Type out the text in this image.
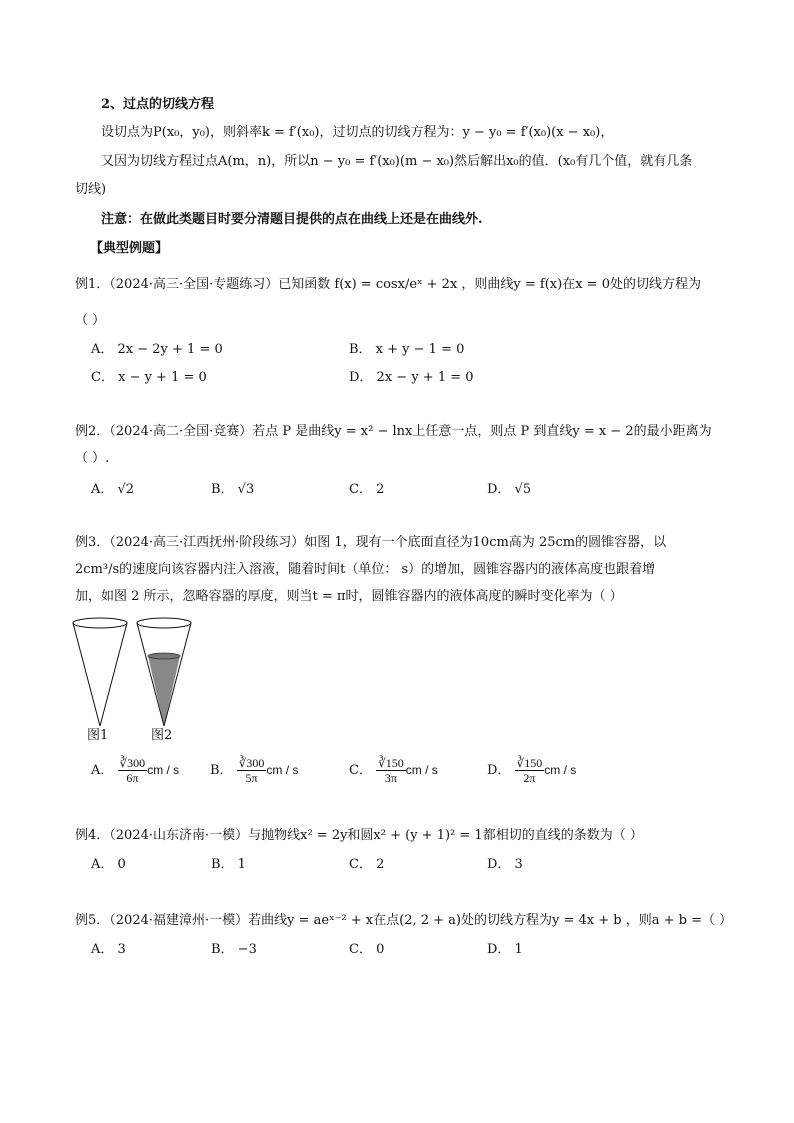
2、过点的切线方程
设切点为P(x₀，y₀)，则斜率k = f′(x₀)，过切点的切线方程为：y − y₀ = f′(x₀)(x − x₀)，
又因为切线方程过点A(m，n)，所以n − y₀ = f′(x₀)(m − x₀)然后解出x₀的值．(x₀有几个值，就有几条
切线)
注意：在做此类题目时要分清题目提供的点在曲线上还是在曲线外.
【典型例题】
例1．（2024·高三·全国·专题练习）已知函数 f(x) = cosx/eˣ + 2x ，则曲线y = f(x)在x = 0处的切线方程为
（ ）
A． 2x − 2y + 1 = 0	B． x + y − 1 = 0
C． x − y + 1 = 0	D． 2x − y + 1 = 0
例2．（2024·高二·全国·竞赛）若点 P 是曲线y = x² − lnx上任意一点，则点 P 到直线y = x − 2的最小距离为
（ ）.
A． √2	B． √3	C． 2	D． √5
例3．（2024·高三·江西抚州·阶段练习）如图 1，现有一个底面直径为10cm高为 25cm的圆锥容器，以
2cm³/s的速度向该容器内注入溶液，随着时间t（单位： s）的增加，圆锥容器内的液体高度也跟着增
加，如图 2 所示，忽略容器的厚度，则当t = π时，圆锥容器内的液体高度的瞬时变化率为（ ）
图1	图2
A． $\frac{∛300}{6\pi}$ cm / s B． $\frac{∛300}{5\pi}$ cm / s	C． $\frac{∛150}{3\pi}$ cm / s	D． $\frac{∛150}{2\pi}$ cm / s
例4．（2024·山东济南·一模）与抛物线x² = 2y和圆x² + (y + 1)² = 1都相切的直线的条数为（ ）
A． 0	B． 1	C． 2	D． 3
例5．（2024·福建漳州·一模）若曲线y = aeˣ⁻² + x在点(2, 2 + a)处的切线方程为y = 4x + b ，则a + b =（ ）
A． 3	B． −3	C． 0	D． 1
